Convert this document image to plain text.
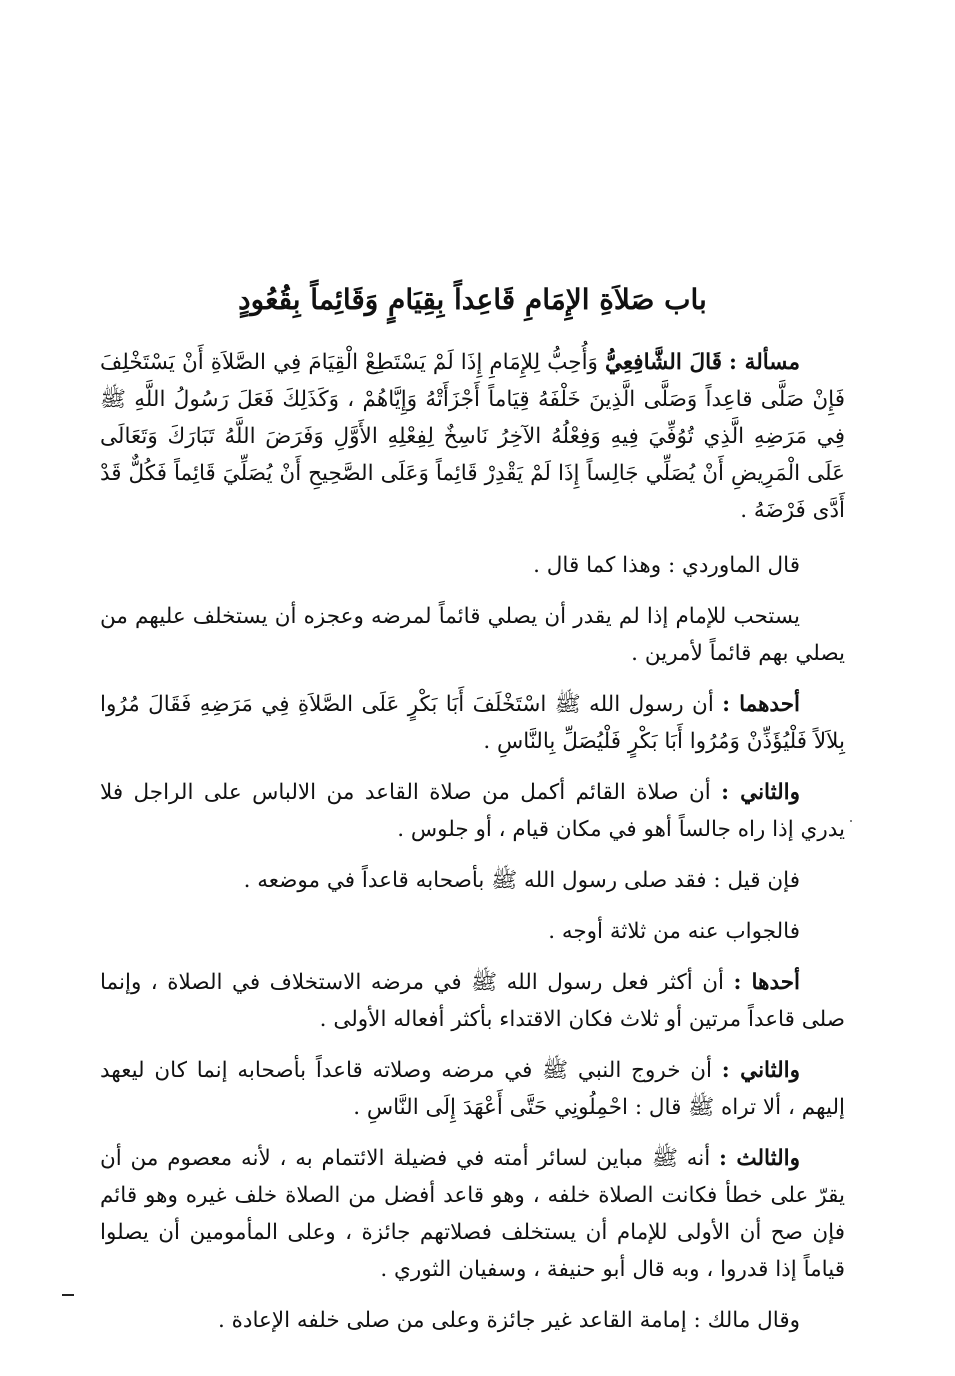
باب صَلاَةِ الإِمَامِ قَاعِداً بِقِيَامٍ وَقَائِماً بِقُعُودٍ

مسألة : قَالَ الشَّافِعِيُّ وَأُحِبُّ لِلإِمَامِ إِذَا لَمْ يَسْتَطِعْ الْقِيَامَ فِي الصَّلاَةِ أَنْ يَسْتَخْلِفَ فَإِنْ صَلَّى قاعِداً وَصَلَّى الَّذِينَ خَلْفَهُ قِيَاماً أَجْزَأَتْهُ وَإِيَّاهُمْ ، وَكَذَلِكَ فَعَلَ رَسُولُ اللَّهِ ﷺ فِي مَرَضِهِ الَّذِي تُوُفِّيَ فِيهِ وَفِعْلُهُ الآخِرُ نَاسِخٌ لِفِعْلِهِ الأَوَّلِ وَفَرَضَ اللَّهُ تَبَارَكَ وَتَعَالَى عَلَى الْمَرِيضِ أَنْ يُصَلِّي جَالِساً إِذَا لَمْ يَقْدِرْ قَائِماً وَعَلَى الصَّحِيحِ أَنْ يُصَلِّيَ قَائِماً فَكُلٌّ قَدْ أَدَّى فَرْضَهُ .

قال الماوردي : وهذا كما قال .

يستحب للإمام إذا لم يقدر أن يصلي قائماً لمرضه وعجزه أن يستخلف عليهم من يصلي بهم قائماً لأمرين .

أحدهما : أن رسول الله ﷺ اسْتَخْلَفَ أَبَا بَكْرٍ عَلَى الصَّلاَةِ فِي مَرَضِهِ فَقَالَ مُرُوا بِلاَلاً فَلْيُؤَذِّنْ وَمُرُوا أَبَا بَكْرٍ فَلْيُصَلِّ بِالنَّاسِ .

والثاني : أن صلاة القائم أكمل من صلاة القاعد من الالباس على الراجل فلا يدري إذا راه جالساً أهو في مكان قيام ، أو جلوس .

فإن قيل : فقد صلى رسول الله ﷺ بأصحابه قاعداً في موضعه .

فالجواب عنه من ثلاثة أوجه .

أحدها : أن أكثر فعل رسول الله ﷺ في مرضه الاستخلاف في الصلاة ، وإنما صلى قاعداً مرتين أو ثلاث فكان الاقتداء بأكثر أفعاله الأولى .

والثاني : أن خروج النبي ﷺ في مرضه وصلاته قاعداً بأصحابه إنما كان ليعهد إليهم ، ألا تراه ﷺ قال : احْمِلُونِي حَتَّى أَعْهَدَ إِلَى النَّاسِ .

والثالث : أنه ﷺ مباين لسائر أمته في فضيلة الائتمام به ، لأنه معصوم من أن يقرّ على خطأ فكانت الصلاة خلفه ، وهو قاعد أفضل من الصلاة خلف غيره وهو قائم فإن صح أن الأولى للإمام أن يستخلف فصلاتهم جائزة ، وعلى المأمومين أن يصلوا قياماً إذا قدروا ، وبه قال أبو حنيفة ، وسفيان الثوري .

وقال مالك : إمامة القاعد غير جائزة وعلى من صلى خلفه الإعادة .
